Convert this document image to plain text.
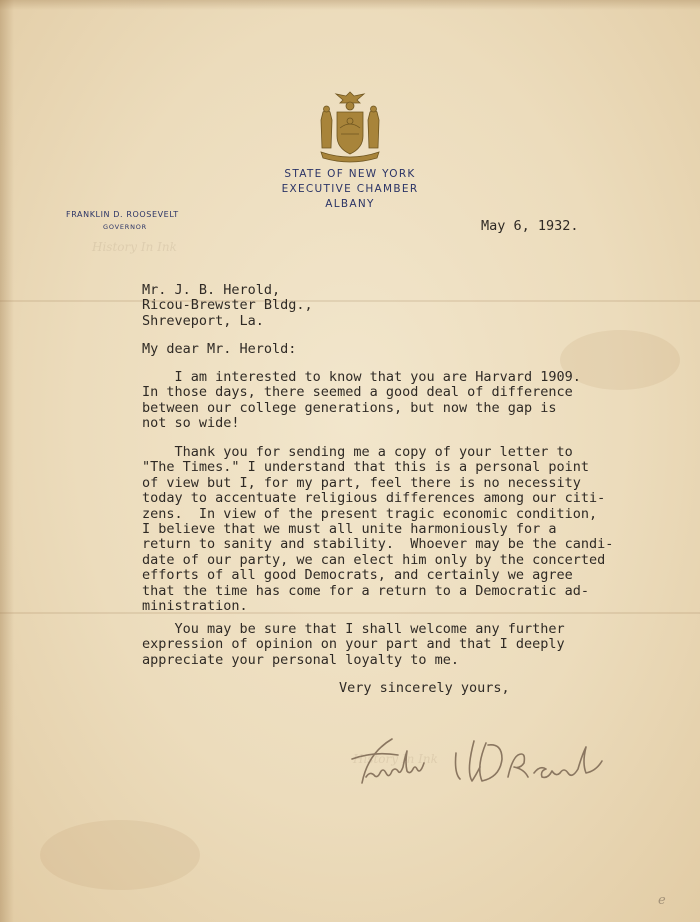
STATE OF NEW YORK
EXECUTIVE CHAMBER
ALBANY
FRANKLIN D. ROOSEVELT
GOVERNOR
History In Ink
May 6, 1932.
Mr. J. B. Herold,
Ricou-Brewster Bldg.,
Shreveport, La.
My dear Mr. Herold:
I am interested to know that you are Harvard 1909.
In those days, there seemed a good deal of difference
between our college generations, but now the gap is
not so wide!
Thank you for sending me a copy of your letter to
"The Times." I understand that this is a personal point
of view but I, for my part, feel there is no necessity
today to accentuate religious differences among our citi-
zens.  In view of the present tragic economic condition,
I believe that we must all unite harmoniously for a
return to sanity and stability.  Whoever may be the candi-
date of our party, we can elect him only by the concerted
efforts of all good Democrats, and certainly we agree
that the time has come for a return to a Democratic ad-
ministration.
You may be sure that I shall welcome any further
expression of opinion on your part and that I deeply
appreciate your personal loyalty to me.
Very sincerely yours,
History In Ink
e
